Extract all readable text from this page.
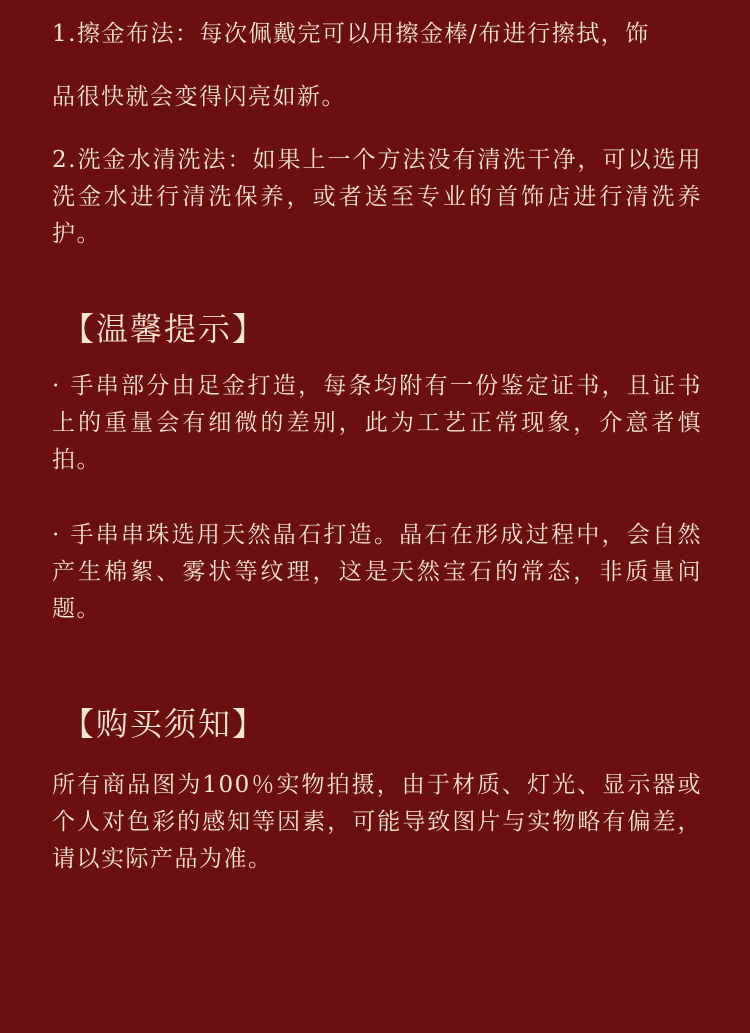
1.擦金布法：每次佩戴完可以用擦金棒/布进行擦拭，饰

品很快就会变得闪亮如新。

2.洗金水清洗法：如果上一个方法没有清洗干净，可以选用洗金水进行清洗保养，或者送至专业的首饰店进行清洗养护。

【温馨提示】

· 手串部分由足金打造，每条均附有一份鉴定证书，且证书上的重量会有细微的差别，此为工艺正常现象，介意者慎拍。

· 手串串珠选用天然晶石打造。晶石在形成过程中，会自然产生棉絮、雾状等纹理，这是天然宝石的常态，非质量问题。

【购买须知】

所有商品图为100％实物拍摄，由于材质、灯光、显示器或个人对色彩的感知等因素，可能导致图片与实物略有偏差，请以实际产品为准。
